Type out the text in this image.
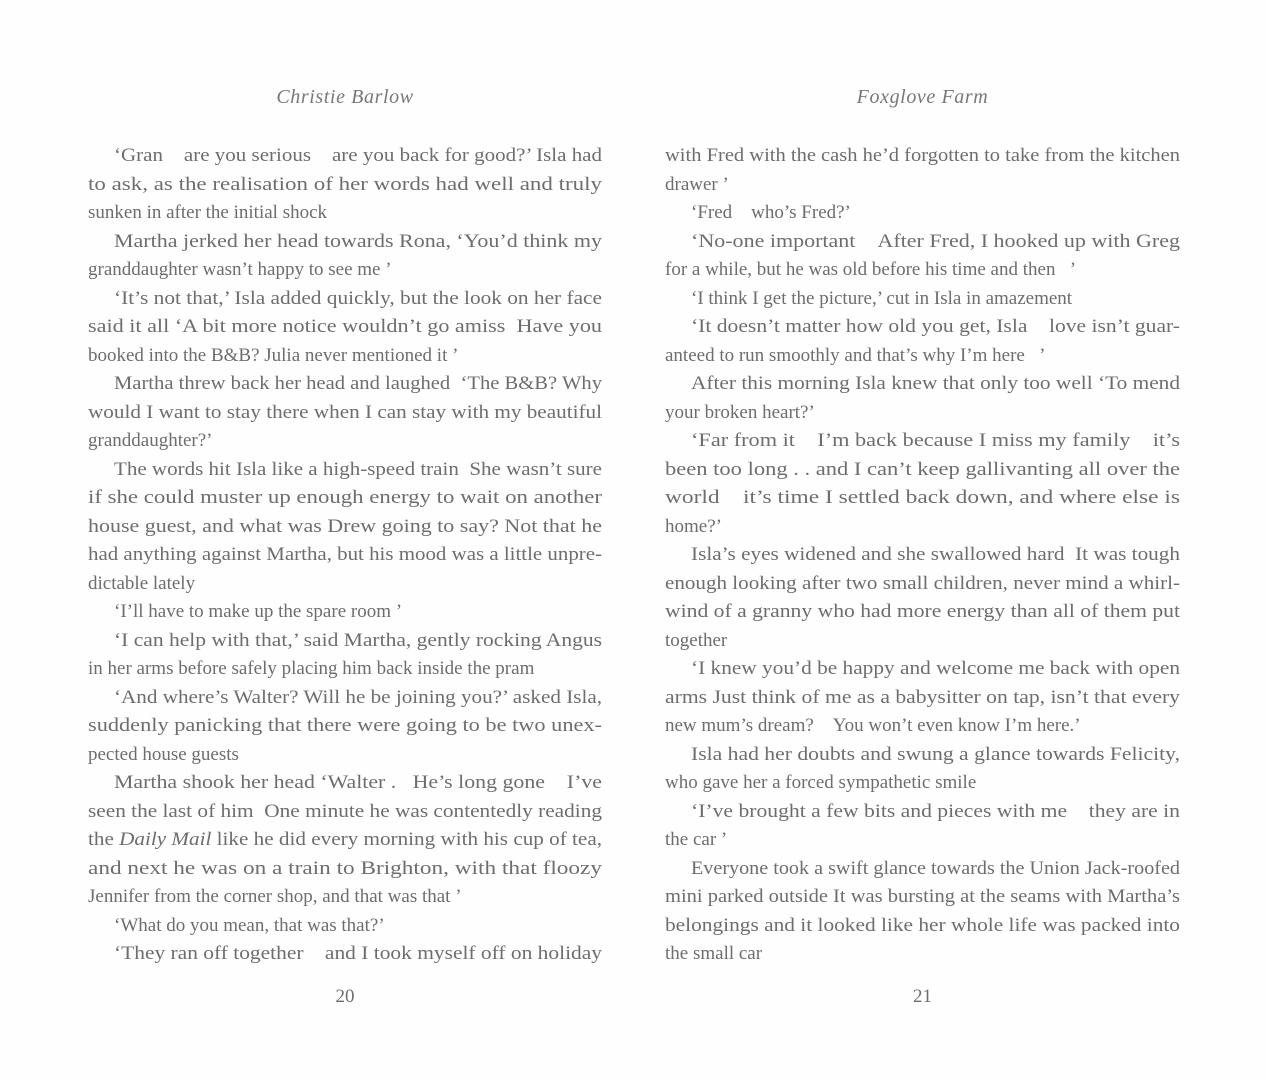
Christie Barlow
‘Gran    are you serious    are you back for good?’ Isla had
to ask, as the realisation of her words had well and truly
sunken in after the initial shock
Martha jerked her head towards Rona, ‘You’d think my
granddaughter wasn’t happy to see me ’
‘It’s not that,’ Isla added quickly, but the look on her face
said it all ‘A bit more notice wouldn’t go amiss  Have you
booked into the B&B? Julia never mentioned it ’
Martha threw back her head and laughed  ‘The B&B? Why
would I want to stay there when I can stay with my beautiful
granddaughter?’
The words hit Isla like a high-speed train  She wasn’t sure
if she could muster up enough energy to wait on another
house guest, and what was Drew going to say? Not that he
had anything against Martha, but his mood was a little unpre-
dictable lately
‘I’ll have to make up the spare room ’
‘I can help with that,’ said Martha, gently rocking Angus
in her arms before safely placing him back inside the pram
‘And where’s Walter? Will he be joining you?’ asked Isla,
suddenly panicking that there were going to be two unex-
pected house guests
Martha shook her head ‘Walter .   He’s long gone    I’ve
seen the last of him  One minute he was contentedly reading
the Daily Mail like he did every morning with his cup of tea,
and next he was on a train to Brighton, with that floozy
Jennifer from the corner shop, and that was that ’
‘What do you mean, that was that?’
‘They ran off together    and I took myself off on holiday
20
Foxglove Farm
with Fred with the cash he’d forgotten to take from the kitchen
drawer ’
‘Fred    who’s Fred?’
‘No-one important    After Fred, I hooked up with Greg
for a while, but he was old before his time and then   ’
‘I think I get the picture,’ cut in Isla in amazement
‘It doesn’t matter how old you get, Isla    love isn’t guar-
anteed to run smoothly and that’s why I’m here   ’
After this morning Isla knew that only too well ‘To mend
your broken heart?’
‘Far from it    I’m back because I miss my family    it’s
been too long . . and I can’t keep gallivanting all over the
world    it’s time I settled back down, and where else is
home?’
Isla’s eyes widened and she swallowed hard  It was tough
enough looking after two small children, never mind a whirl-
wind of a granny who had more energy than all of them put
together
‘I knew you’d be happy and welcome me back with open
arms Just think of me as a babysitter on tap, isn’t that every
new mum’s dream?    You won’t even know I’m here.’
Isla had her doubts and swung a glance towards Felicity,
who gave her a forced sympathetic smile
‘I’ve brought a few bits and pieces with me    they are in
the car ’
Everyone took a swift glance towards the Union Jack-roofed
mini parked outside It was bursting at the seams with Martha’s
belongings and it looked like her whole life was packed into
the small car
21
